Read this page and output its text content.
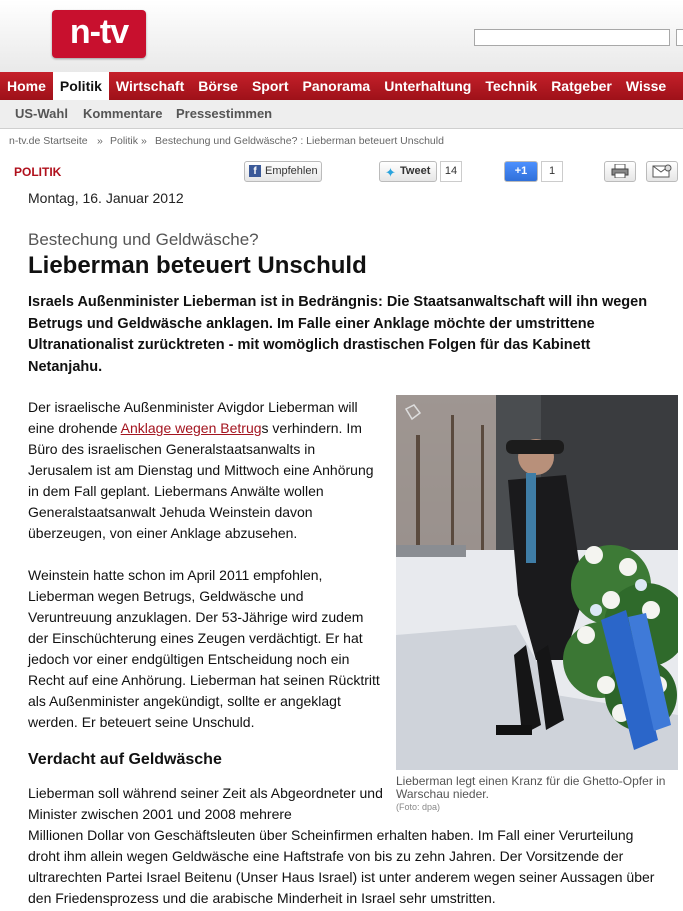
n-tv
Home	Politik	Wirtschaft	Börse	Sport	Panorama	Unterhaltung	Technik	Ratgeber	Wisse
US-Wahl Kommentare Pressestimmen
n-tv.de Startseite » Politik » Bestechung und Geldwäsche? : Lieberman beteuert Unschuld
POLITIK	f Empfehlen	✦ Tweet	14	+1	1
Montag, 16. Januar 2012
Bestechung und Geldwäsche?
Lieberman beteuert Unschuld

Israels Außenminister Lieberman ist in Bedrängnis: Die Staatsanwaltschaft will ihn wegen Betrugs und Geldwäsche anklagen. Im Falle einer Anklage möchte der umstrittene Ultranationalist zurücktreten - mit womöglich drastischen Folgen für das Kabinett Netanjahu.

Der israelische Außenminister Avigdor Lieberman will eine drohende Anklage wegen Betrugs verhindern. Im Büro des israelischen Generalstaatsanwalts in Jerusalem ist am Dienstag und Mittwoch eine Anhörung in dem Fall geplant. Liebermans Anwälte wollen Generalstaatsanwalt Jehuda Weinstein davon überzeugen, von einer Anklage abzusehen.

Weinstein hatte schon im April 2011 empfohlen, Lieberman wegen Betrugs, Geldwäsche und Veruntreuung anzuklagen. Der 53-Jährige wird zudem der Einschüchterung eines Zeugen verdächtigt. Er hat jedoch vor einer endgültigen Entscheidung noch ein Recht auf eine Anhörung. Lieberman hat seinen Rücktritt als Außenminister angekündigt, sollte er angeklagt werden. Er beteuert seine Unschuld.

Verdacht auf Geldwäsche

Lieberman soll während seiner Zeit als Abgeordneter und Minister zwischen 2001 und 2008 mehrere

Millionen Dollar von Geschäftsleuten über Scheinfirmen erhalten haben. Im Fall einer Verurteilung droht ihm allein wegen Geldwäsche eine Haftstrafe von bis zu zehn Jahren. Der Vorsitzende der ultrarechten Partei Israel Beitenu (Unser Haus Israel) ist unter anderem wegen seiner Aussagen über den Friedensprozess und die arabische Minderheit in Israel sehr umstritten.

Lieberman legt einen Kranz für die Ghetto-Opfer in Warschau nieder.
(Foto: dpa)
